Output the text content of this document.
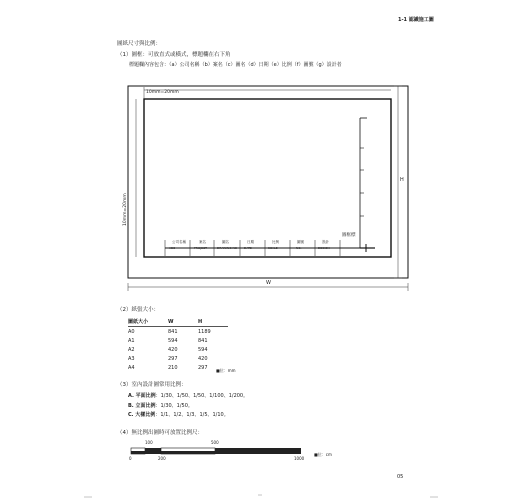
1-1 認識施工圖
圖紙尺寸與比例：
（1）圖框：可放直式或橫式，標題欄在右下角
標題欄內容包含：（a）公司名稱（b）案名（c）圖名（d）日期（e）比例（f）圖號（g）設計者
10mm=20mm
H
W
10mm=20mm
圖框標
公司名稱
ABC
案名
PROJECT
圖名
DRAWING NO
日期
DATE
比例
SCALE
圖號
NO.
設計
DESIGN
（2）紙張大小：
圖紙大小	W	H
A0	841	1189
A1	594	841
A2	420	594
A3	297	420
A4	210	297 ■位：mm
（3）室內設計圖常用比例：
A. 平面比例：1/30、1/50、1/50、1/100、1/200。
B. 立面比例：1/30、1/50。
C. 大樣比例：1/1、1/2、1/3、1/5、1/10。
（4）無比例出圖時可放置比例尺：
100	500
0	200	1000
■位：cm
05
